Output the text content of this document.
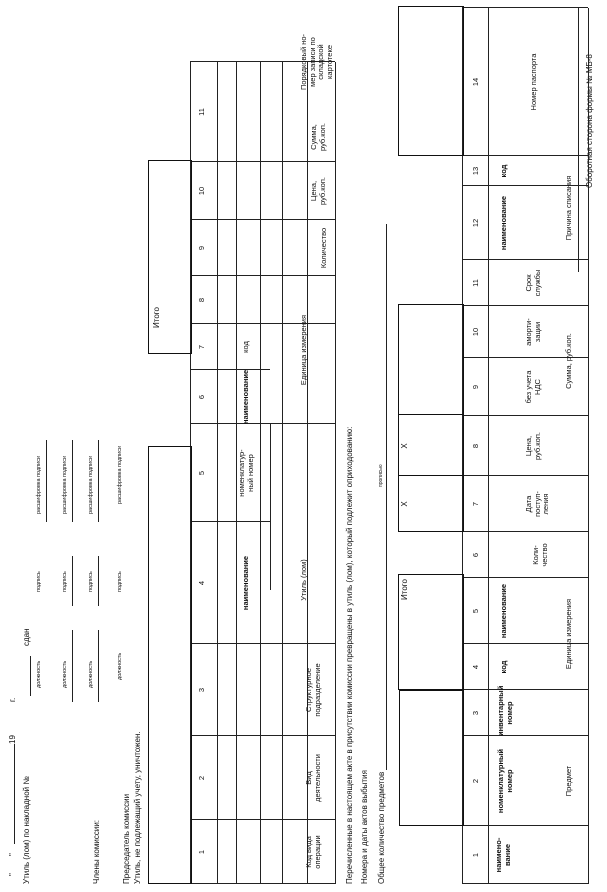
Оборотная сторона формы № МБ-8
наимено-
вание
Предмет
номенклатурный
номер
инвентарный
номер
Единица измерения
код
наименование
Коли-
чество
Дата
поступ-
ления
Цена,
руб.коп.
Сумма, руб.коп.
без учета
НДС
аморти-
зации
Срок
службы
Причина списания
наименование
код
Номер паспорта
1
2
3
4
5
6
7
8
9
10
11
12
13
14
Итого
Х
Х
Общее количество предметов
прописью
Номера и даты актов выбытия
Перечисленные в настоящем акте в присутствии комиссии превращены в утиль (лом), который подлежит оприходованию:
Код вида
операции
Вид
деятельности
Структурное
подразделение
Утиль (лом)
наименование
номенклатур-
ный номер
Единица измерения
наименование
код
Количество
Цена,
руб.коп.
Сумма,
руб.коп.
Порядковый но-
мер записи по
складской
картотеке
1
2
3
4
5
6
7
8
9
10
11
Итого
Утиль, не подлежащий учету, уничтожен.
Председатель комиссии
Члены комиссии:
должность
подпись
расшифровка подписи
должность
подпись
расшифровка подписи
должность
подпись
расшифровка подписи
должность
подпись
расшифровка подписи
Утиль (лом) по накладной №
сдан
"
"
19
г.
